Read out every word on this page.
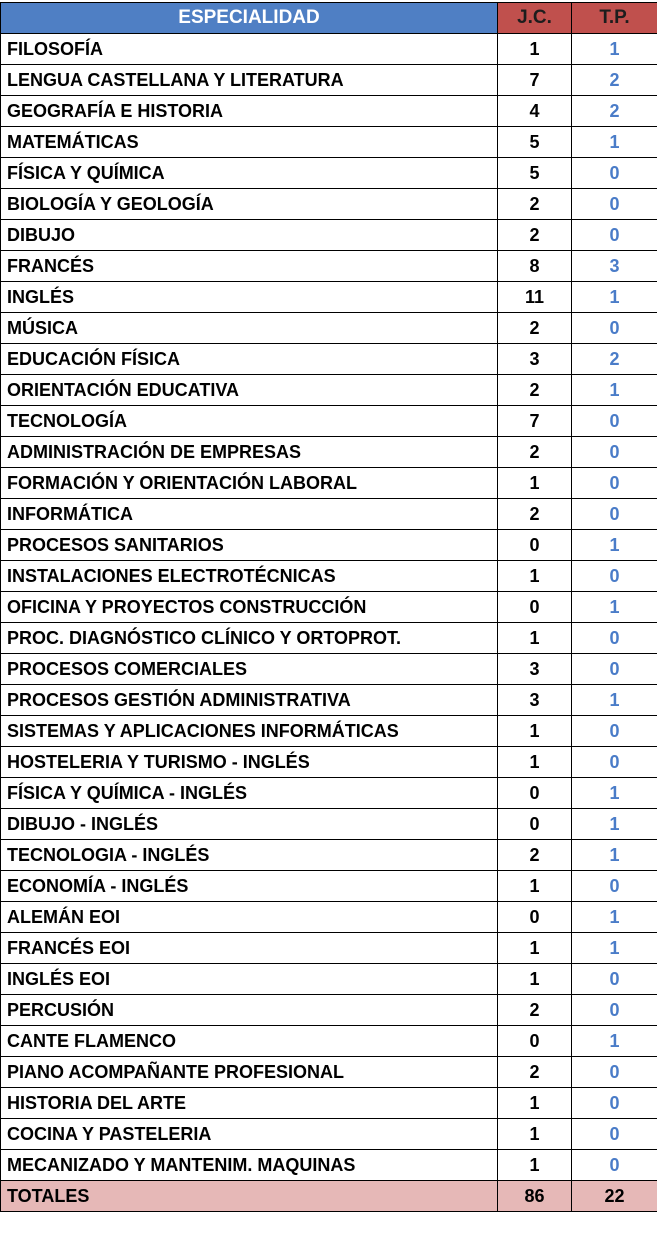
ESPECIALIDAD	J.C.	T.P.
FILOSOFÍA	1	1
LENGUA CASTELLANA Y LITERATURA	7	2
GEOGRAFÍA E HISTORIA	4	2
MATEMÁTICAS	5	1
FÍSICA Y QUÍMICA	5	0
BIOLOGÍA Y GEOLOGÍA	2	0
DIBUJO	2	0
FRANCÉS	8	3
INGLÉS	11	1
MÚSICA	2	0
EDUCACIÓN FÍSICA	3	2
ORIENTACIÓN EDUCATIVA	2	1
TECNOLOGÍA	7	0
ADMINISTRACIÓN DE EMPRESAS	2	0
FORMACIÓN Y ORIENTACIÓN LABORAL	1	0
INFORMÁTICA	2	0
PROCESOS SANITARIOS	0	1
INSTALACIONES ELECTROTÉCNICAS	1	0
OFICINA Y PROYECTOS CONSTRUCCIÓN	0	1
PROC. DIAGNÓSTICO CLÍNICO Y ORTOPROT.	1	0
PROCESOS COMERCIALES	3	0
PROCESOS GESTIÓN ADMINISTRATIVA	3	1
SISTEMAS Y APLICACIONES INFORMÁTICAS	1	0
HOSTELERIA Y TURISMO - INGLÉS	1	0
FÍSICA Y QUÍMICA - INGLÉS	0	1
DIBUJO - INGLÉS	0	1
TECNOLOGIA - INGLÉS	2	1
ECONOMÍA - INGLÉS	1	0
ALEMÁN EOI	0	1
FRANCÉS EOI	1	1
INGLÉS EOI	1	0
PERCUSIÓN	2	0
CANTE FLAMENCO	0	1
PIANO ACOMPAÑANTE PROFESIONAL	2	0
HISTORIA DEL ARTE	1	0
COCINA Y PASTELERIA	1	0
MECANIZADO Y MANTENIM. MAQUINAS	1	0
TOTALES	86	22
